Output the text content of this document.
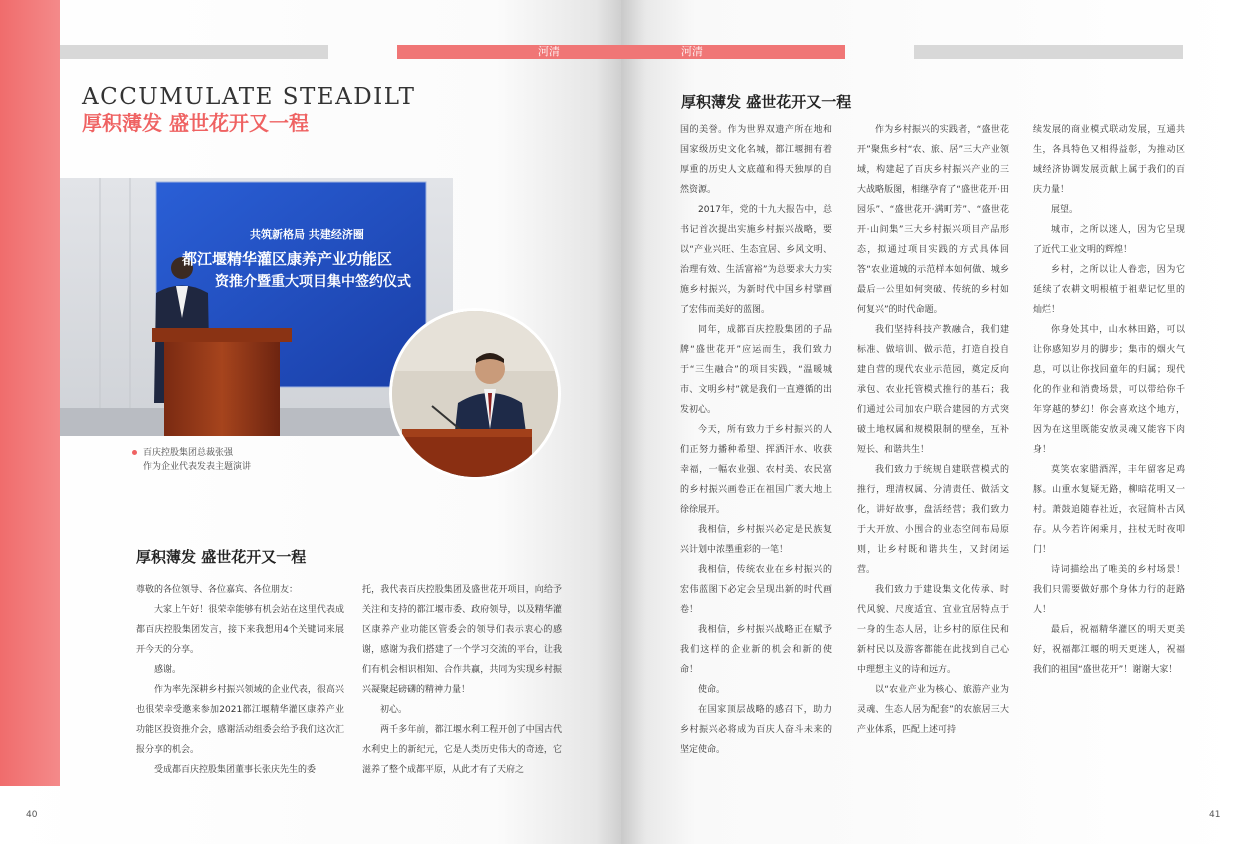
ACCUMULATE STEADILT
厚积薄发 盛世花开又一程
共筑新格局 共建经济圈
都江堰精华灌区康养产业功能区
资推介暨重大项目集中签约仪式
百庆控股集团总裁张强
作为企业代表发表主题演讲
厚积薄发 盛世花开又一程

尊敬的各位领导、各位嘉宾、各位朋友：

大家上午好！很荣幸能够有机会站在这里代表成都百庆控股集团发言，接下来我想用4个关键词来展开今天的分享。

感谢。

作为率先深耕乡村振兴领域的企业代表，很高兴也很荣幸受邀来参加2021都江堰精华灌区康养产业功能区投资推介会，感谢活动组委会给予我们这次汇报分享的机会。

受成都百庆控股集团董事长张庆先生的委

托，我代表百庆控股集团及盛世花开项目，向给予关注和支持的都江堰市委、政府领导，以及精华灌区康养产业功能区管委会的领导们表示衷心的感谢，感谢为我们搭建了一个学习交流的平台，让我们有机会相识相知、合作共赢，共同为实现乡村振兴凝聚起磅礴的精神力量！

初心。

两千多年前，都江堰水利工程开创了中国古代水利史上的新纪元，它是人类历史伟大的奇迹，它滋养了整个成都平原，从此才有了天府之

40
厚积薄发 盛世花开又一程

国的美誉。作为世界双遗产所在地和国家级历史文化名城，都江堰拥有着厚重的历史人文底蕴和得天独厚的自然资源。

2017年，党的十九大报告中，总书记首次提出实施乡村振兴战略，要以“产业兴旺、生态宜居、乡风文明、治理有效、生活富裕”为总要求大力实施乡村振兴，为新时代中国乡村擘画了宏伟而美好的蓝图。

同年，成都百庆控股集团的子品牌“盛世花开”应运而生，我们致力于“三生融合”的项目实践，“温暖城市、文明乡村”就是我们一直遵循的出发初心。

今天，所有致力于乡村振兴的人们正努力播种希望、挥洒汗水、收获幸福，一幅农业强、农村美、农民富的乡村振兴画卷正在祖国广袤大地上徐徐展开。

我相信，乡村振兴必定是民族复兴计划中浓墨重彩的一笔！

我相信，传统农业在乡村振兴的宏伟蓝图下必定会呈现出新的时代画卷！

我相信，乡村振兴战略正在赋予我们这样的企业新的机会和新的使命！

使命。

在国家顶层战略的感召下，助力乡村振兴必将成为百庆人奋斗未来的坚定使命。

作为乡村振兴的实践者，“盛世花开”聚焦乡村“农、旅、居”三大产业领域，构建起了百庆乡村振兴产业的三大战略版图，相继孕育了“盛世花开·田园乐”、“盛世花开·满町芳”、“盛世花开·山间集”三大乡村振兴项目产品形态，拟通过项目实践的方式具体回答“农业道城的示范样本如何做、城乡最后一公里如何突破、传统的乡村如何复兴”的时代命题。

我们坚持科技产教融合，我们建标准、做培训、做示范，打造自投自建自营的现代农业示范园，奠定反向承包、农业托管模式推行的基石；我们通过公司加农户联合建园的方式突破土地权属和规模限制的壁垒，互补短长、和谐共生！

我们致力于统规自建联营模式的推行，理清权属、分清责任、做活文化，讲好故事，盘活经营；我们致力于大开放、小围合的业态空间布局原则，让乡村既和谐共生，又封闭运营。

我们致力于建设集文化传承、时代风貌、尺度适宜、宜业宜居特点于一身的生态人居，让乡村的原住民和新村民以及游客都能在此找到自己心中理想主义的诗和远方。

以“农业产业为核心、旅游产业为灵魂、生态人居为配套”的农旅居三大产业体系，匹配上述可持

续发展的商业模式联动发展，互通共生，各具特色又相得益彰，为推动区域经济协调发展贡献上属于我们的百庆力量！

展望。

城市，之所以迷人，因为它呈现了近代工业文明的辉煌！

乡村，之所以让人眷恋，因为它延续了农耕文明根植于祖辈记忆里的灿烂！

你身处其中，山水林田路，可以让你感知岁月的脚步；集市的烟火气息，可以让你找回童年的归属；现代化的作业和消费场景，可以带给你千年穿越的梦幻！你会喜欢这个地方，因为在这里既能安放灵魂又能容下肉身！

莫笑农家腊酒浑，丰年留客足鸡豚。山重水复疑无路，柳暗花明又一村。萧鼓追随春社近，衣冠简朴古风存。从今若许闲乘月，拄杖无时夜叩门！

诗词描绘出了唯美的乡村场景！我们只需要做好那个身体力行的赶路人！

最后，祝福精华灌区的明天更美好，祝福都江堰的明天更迷人，祝福我们的祖国“盛世花开”！谢谢大家！

41
河清	河清
